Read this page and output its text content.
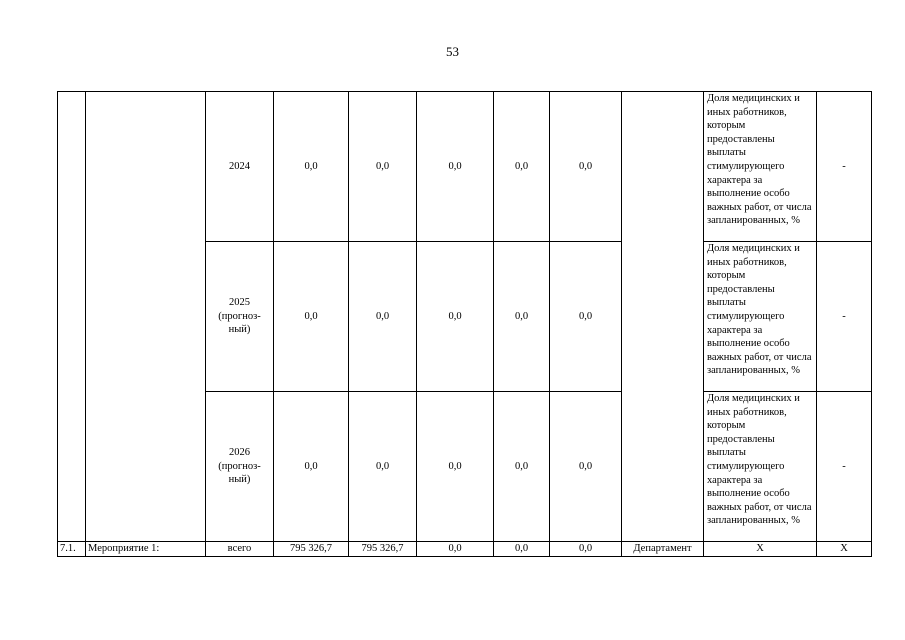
53

		2024	0,0	0,0	0,0	0,0	0,0		Доля медицинских и иных работников, которым предоставлены выплаты стимулирующего характера за выполнение особо важных работ, от числа запланированных, %	-

		2025
(прогноз-
ный)	0,0	0,0	0,0	0,0	0,0		Доля медицинских и иных работников, которым предоставлены выплаты стимулирующего характера за выполнение особо важных работ, от числа запланированных, %	-

		2026
(прогноз-
ный)	0,0	0,0	0,0	0,0	0,0		Доля медицинских и иных работников, которым предоставлены выплаты стимулирующего характера за выполнение особо важных работ, от числа запланированных, %	-
7.1.	Мероприятие 1:	всего	795 326,7	795 326,7	0,0	0,0	0,0	Департамент	Х	Х
